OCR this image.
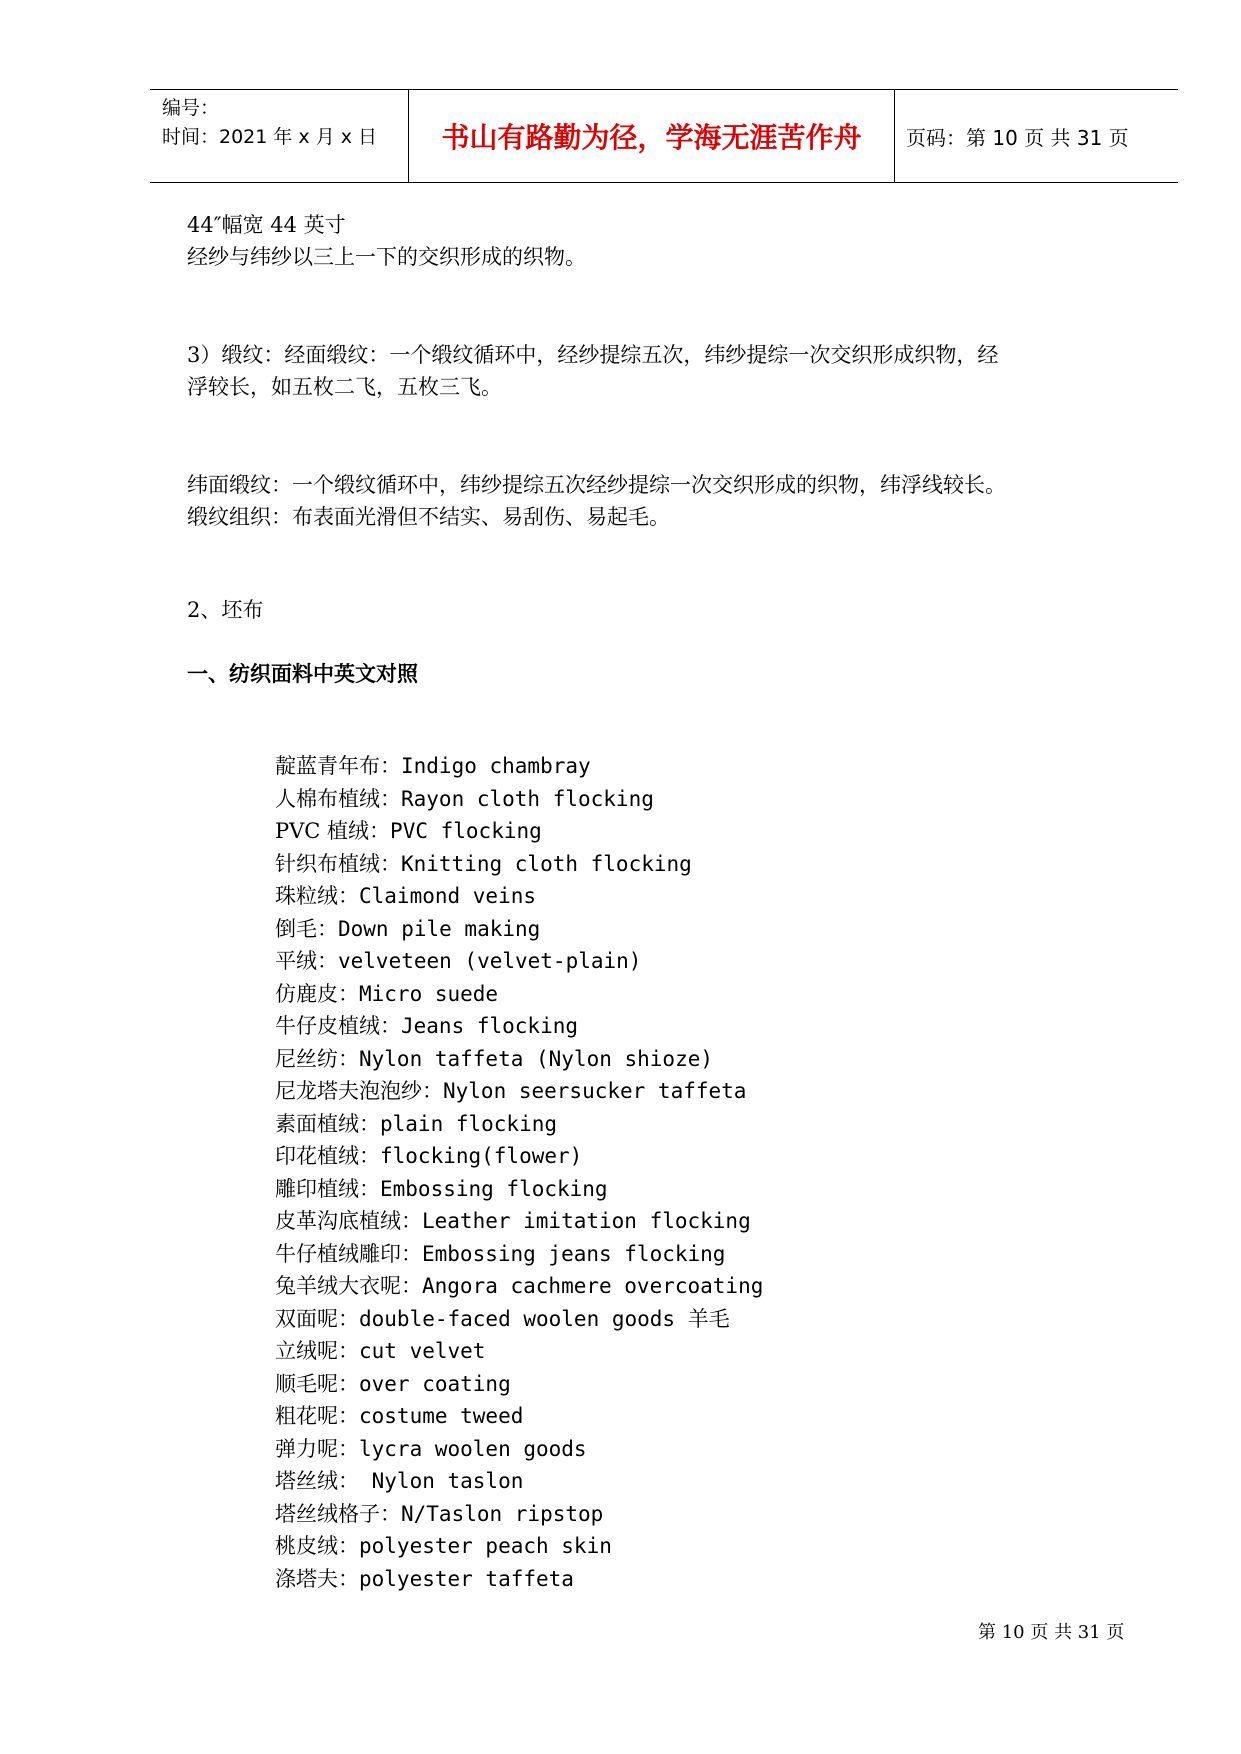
编号：
时间：2021 年 x 月 x 日	书山有路勤为径，学海无涯苦作舟	页码：第 10 页 共 31 页
44″幅宽 44 英寸
经纱与纬纱以三上一下的交织形成的织物。
3）缎纹：经面缎纹：一个缎纹循环中，经纱提综五次，纬纱提综一次交织形成织物，经
浮较长，如五枚二飞，五枚三飞。
纬面缎纹：一个缎纹循环中，纬纱提综五次经纱提综一次交织形成的织物，纬浮线较长。
缎纹组织：布表面光滑但不结实、易刮伤、易起毛。
2、坯布
一、纺织面料中英文对照
靛蓝青年布：Indigo chambray
人棉布植绒：Rayon cloth flocking
PVC 植绒：PVC flocking
针织布植绒：Knitting cloth flocking
珠粒绒：Claimond veins
倒毛：Down pile making
平绒：velveteen (velvet-plain)
仿鹿皮：Micro suede
牛仔皮植绒：Jeans flocking
尼丝纺：Nylon taffeta (Nylon shioze)
尼龙塔夫泡泡纱：Nylon seersucker taffeta
素面植绒：plain flocking
印花植绒：flocking(flower)
雕印植绒：Embossing flocking
皮革沟底植绒：Leather imitation flocking
牛仔植绒雕印：Embossing jeans flocking
兔羊绒大衣呢：Angora cachmere overcoating
双面呢：double-faced woolen goods 羊毛
立绒呢：cut velvet
顺毛呢：over coating
粗花呢：costume tweed
弹力呢：lycra woolen goods
塔丝绒： Nylon taslon
塔丝绒格子：N/Taslon ripstop
桃皮绒：polyester peach skin
涤塔夫：polyester taffeta
第 10 页 共 31 页
